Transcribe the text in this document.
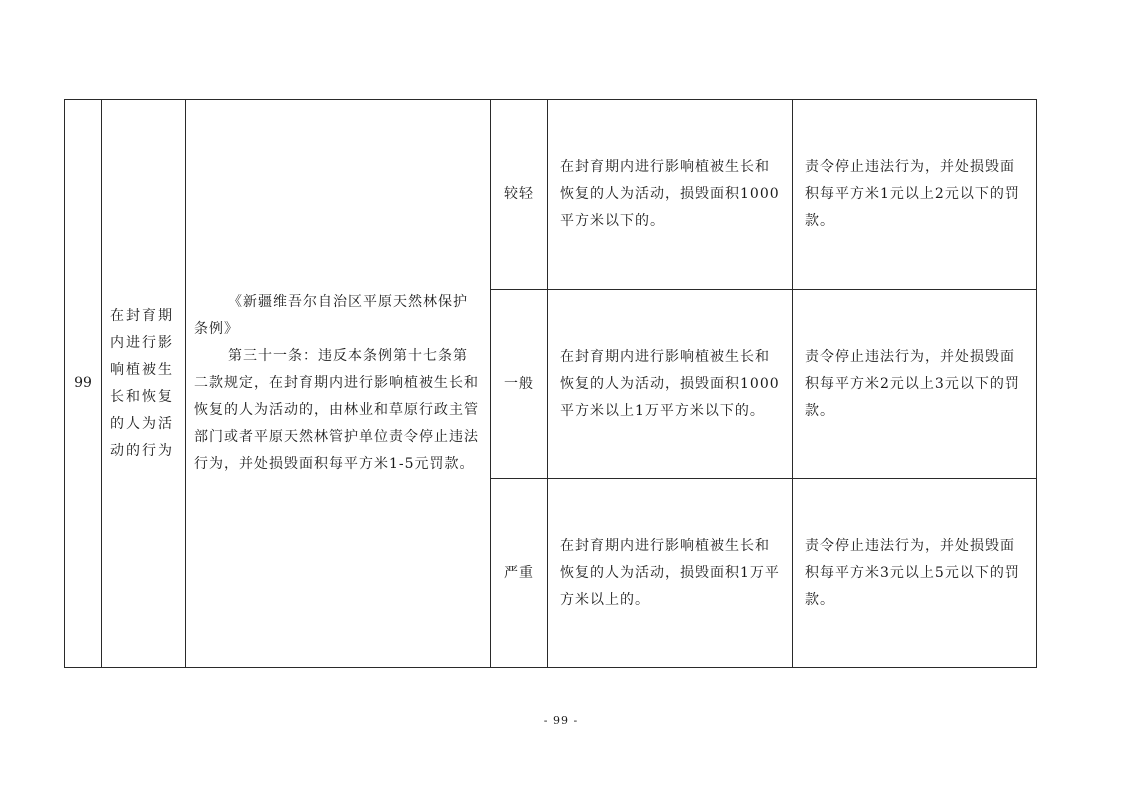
99	在封育期内进行影响植被生长和恢复的人为活动的行为	《新疆维吾尔自治区平原天然林保护条例》

第三十一条：违反本条例第十七条第二款规定，在封育期内进行影响植被生长和恢复的人为活动的，由林业和草原行政主管部门或者平原天然林管护单位责令停止违法行为，并处损毁面积每平方米1-5元罚款。	较轻	在封育期内进行影响植被生长和恢复的人为活动，损毁面积1000平方米以下的。	责令停止违法行为，并处损毁面积每平方米1元以上2元以下的罚款。
			一般	在封育期内进行影响植被生长和恢复的人为活动，损毁面积1000平方米以上1万平方米以下的。	责令停止违法行为，并处损毁面积每平方米2元以上3元以下的罚款。
			严重	在封育期内进行影响植被生长和恢复的人为活动，损毁面积1万平方米以上的。	责令停止违法行为，并处损毁面积每平方米3元以上5元以下的罚款。
- 99 -
